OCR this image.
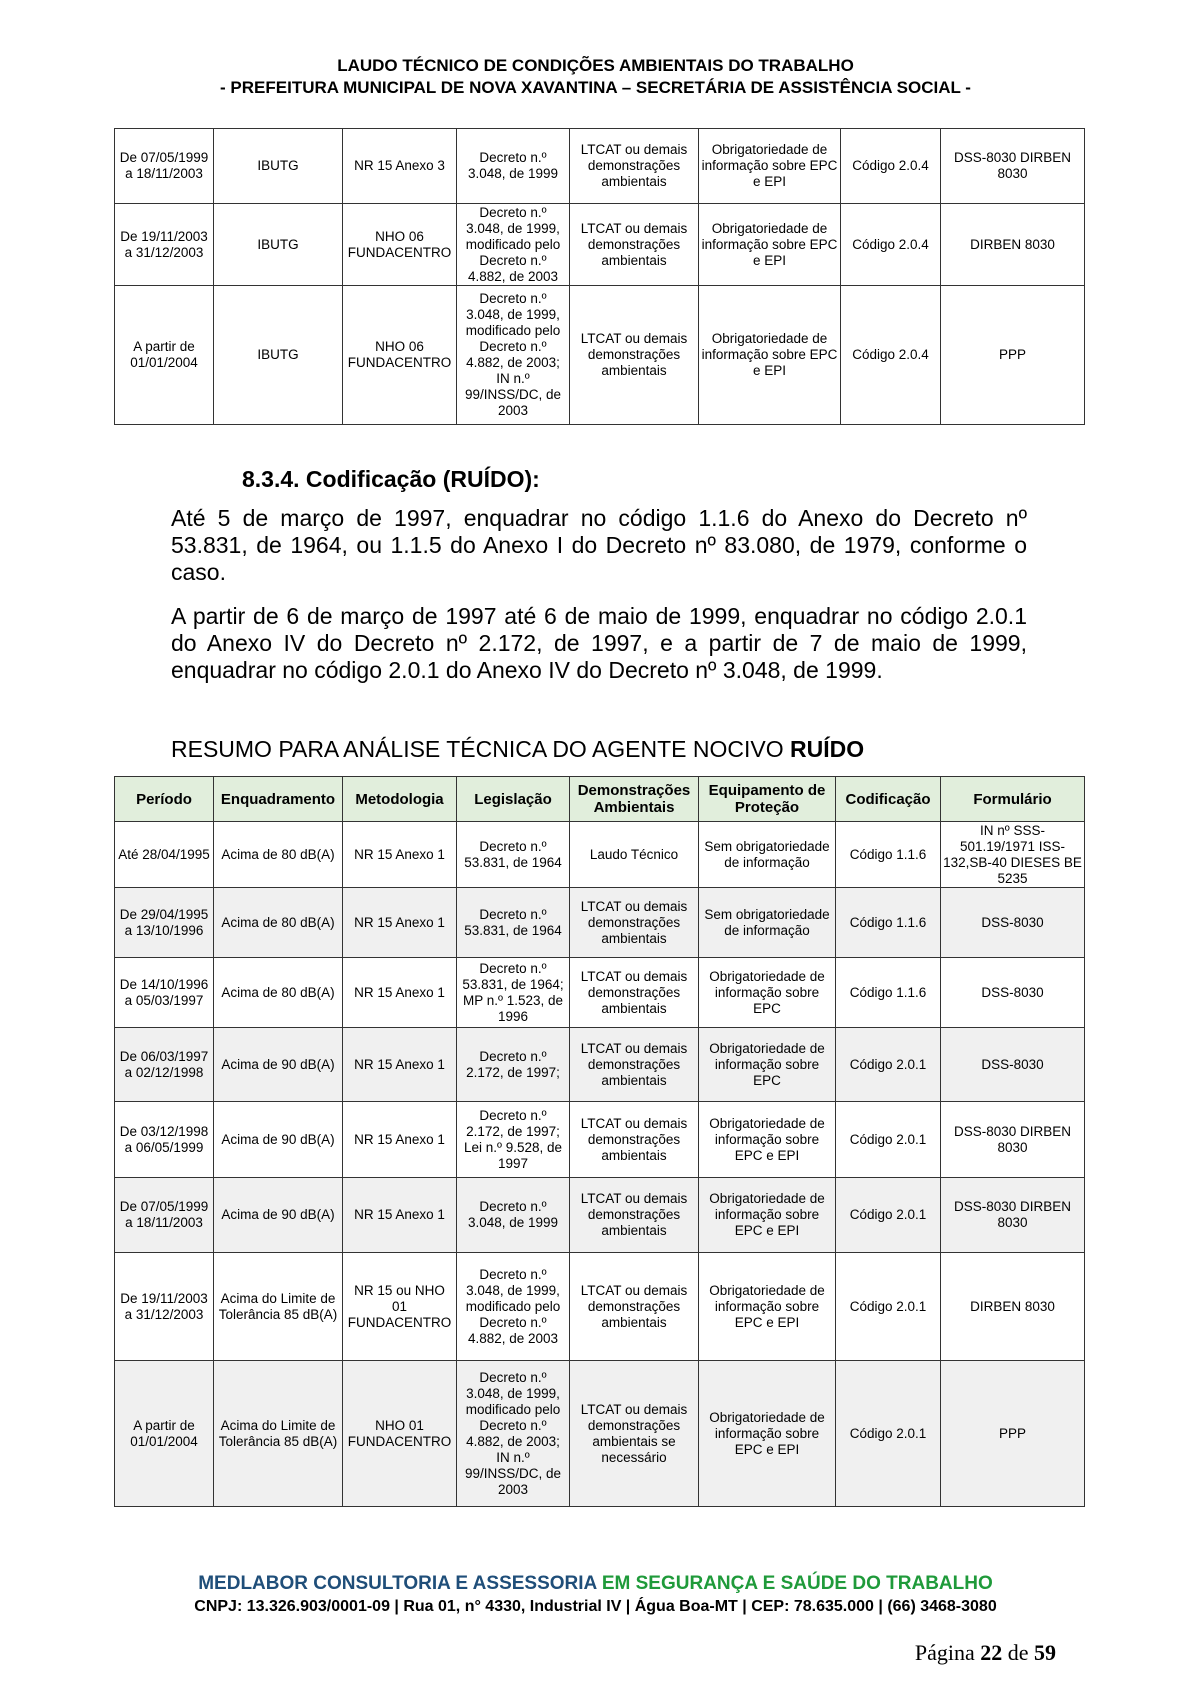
LAUDO TÉCNICO DE CONDIÇÕES AMBIENTAIS DO TRABALHO
- PREFEITURA MUNICIPAL DE NOVA XAVANTINA – SECRETÁRIA DE ASSISTÊNCIA SOCIAL -
De 07/05/1999 a 18/11/2003	IBUTG	NR 15 Anexo 3	Decreto n.º 3.048, de 1999	LTCAT ou demais demonstrações ambientais	Obrigatoriedade de informação sobre EPC e EPI	Código 2.0.4	DSS-8030 DIRBEN 8030
De 19/11/2003 a 31/12/2003	IBUTG	NHO 06 FUNDACENTRO	Decreto n.º 3.048, de 1999, modificado pelo Decreto n.º 4.882, de 2003	LTCAT ou demais demonstrações ambientais	Obrigatoriedade de informação sobre EPC e EPI	Código 2.0.4	DIRBEN 8030
A partir de 01/01/2004	IBUTG	NHO 06 FUNDACENTRO	Decreto n.º 3.048, de 1999, modificado pelo Decreto n.º 4.882, de 2003; IN n.º 99/INSS/DC, de 2003	LTCAT ou demais demonstrações ambientais	Obrigatoriedade de informação sobre EPC e EPI	Código 2.0.4	PPP
8.3.4. Codificação (RUÍDO):

Até 5 de março de 1997, enquadrar no código 1.1.6 do Anexo do Decreto nº 53.831, de 1964, ou 1.1.5 do Anexo I do Decreto nº 83.080, de 1979, conforme o caso.

A partir de 6 de março de 1997 até 6 de maio de 1999, enquadrar no código 2.0.1 do Anexo IV do Decreto nº 2.172, de 1997, e a partir de 7 de maio de 1999, enquadrar no código 2.0.1 do Anexo IV do Decreto nº 3.048, de 1999.

RESUMO PARA ANÁLISE TÉCNICA DO AGENTE NOCIVO RUÍDO
Período	Enquadramento	Metodologia	Legislação	Demonstrações Ambientais	Equipamento de Proteção	Codificação	Formulário
Até 28/04/1995	Acima de 80 dB(A)	NR 15 Anexo 1	Decreto n.º 53.831, de 1964	Laudo Técnico	Sem obrigatoriedade de informação	Código 1.1.6	IN nº SSS-501.19/1971 ISS-132,SB-40 DIESES BE 5235
De 29/04/1995 a 13/10/1996	Acima de 80 dB(A)	NR 15 Anexo 1	Decreto n.º 53.831, de 1964	LTCAT ou demais demonstrações ambientais	Sem obrigatoriedade de informação	Código 1.1.6	DSS-8030
De 14/10/1996 a 05/03/1997	Acima de 80 dB(A)	NR 15 Anexo 1	Decreto n.º 53.831, de 1964; MP n.º 1.523, de 1996	LTCAT ou demais demonstrações ambientais	Obrigatoriedade de informação sobre EPC	Código 1.1.6	DSS-8030
De 06/03/1997 a 02/12/1998	Acima de 90 dB(A)	NR 15 Anexo 1	Decreto n.º 2.172, de 1997;	LTCAT ou demais demonstrações ambientais	Obrigatoriedade de informação sobre EPC	Código 2.0.1	DSS-8030
De 03/12/1998 a 06/05/1999	Acima de 90 dB(A)	NR 15 Anexo 1	Decreto n.º 2.172, de 1997; Lei n.º 9.528, de 1997	LTCAT ou demais demonstrações ambientais	Obrigatoriedade de informação sobre EPC e EPI	Código 2.0.1	DSS-8030 DIRBEN 8030
De 07/05/1999 a 18/11/2003	Acima de 90 dB(A)	NR 15 Anexo 1	Decreto n.º 3.048, de 1999	LTCAT ou demais demonstrações ambientais	Obrigatoriedade de informação sobre EPC e EPI	Código 2.0.1	DSS-8030 DIRBEN 8030
De 19/11/2003 a 31/12/2003	Acima do Limite de Tolerância 85 dB(A)	NR 15 ou NHO 01 FUNDACENTRO	Decreto n.º 3.048, de 1999, modificado pelo Decreto n.º 4.882, de 2003	LTCAT ou demais demonstrações ambientais	Obrigatoriedade de informação sobre EPC e EPI	Código 2.0.1	DIRBEN 8030
A partir de 01/01/2004	Acima do Limite de Tolerância 85 dB(A)	NHO 01 FUNDACENTRO	Decreto n.º 3.048, de 1999, modificado pelo Decreto n.º 4.882, de 2003; IN n.º 99/INSS/DC, de 2003	LTCAT ou demais demonstrações ambientais se necessário	Obrigatoriedade de informação sobre EPC e EPI	Código 2.0.1	PPP
MEDLABOR CONSULTORIA E ASSESSORIA EM SEGURANÇA E SAÚDE DO TRABALHO
CNPJ: 13.326.903/0001-09 | Rua 01, n° 4330, Industrial IV | Água Boa-MT | CEP: 78.635.000 | (66) 3468-3080
Página 22 de 59
